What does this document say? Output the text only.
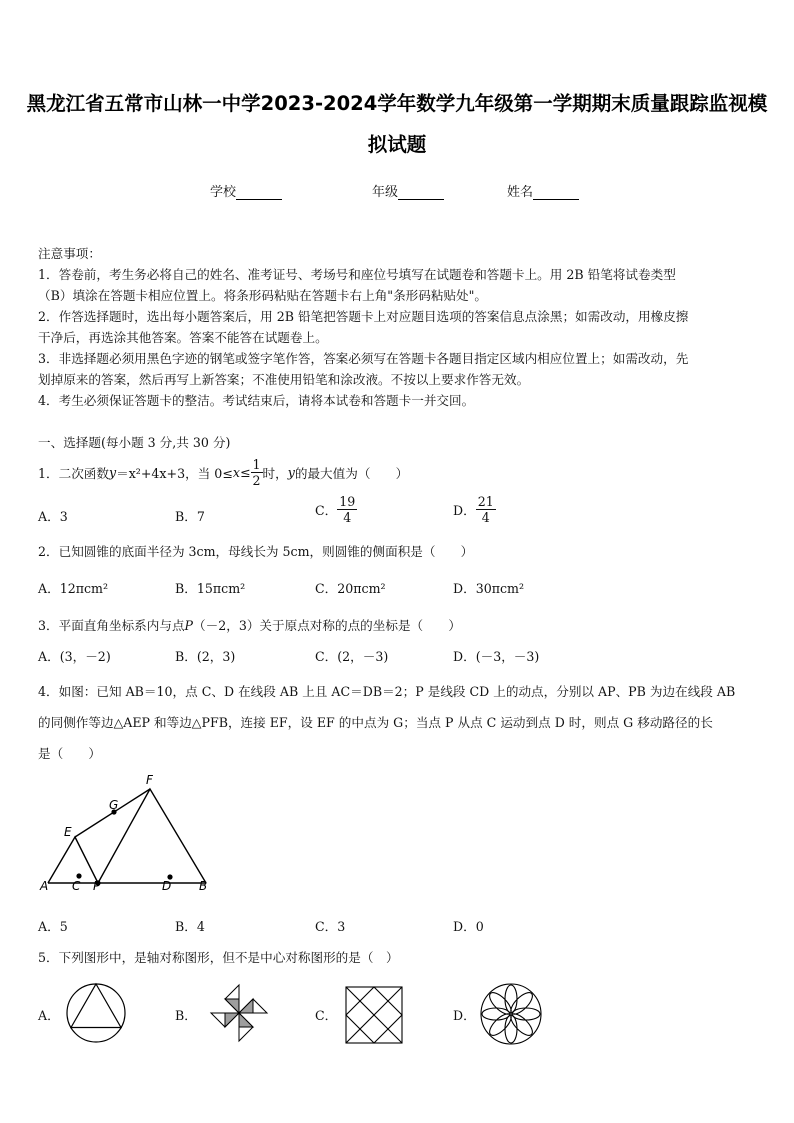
黑龙江省五常市山林一中学2023-2024学年数学九年级第一学期期末质量跟踪监视模
拟试题
学校	年级	姓名
注意事项：
1．答卷前，考生务必将自己的姓名、准考证号、考场号和座位号填写在试题卷和答题卡上。用 2B 铅笔将试卷类型
（B）填涂在答题卡相应位置上。将条形码粘贴在答题卡右上角"条形码粘贴处"。
2．作答选择题时，选出每小题答案后，用 2B 铅笔把答题卡上对应题目选项的答案信息点涂黑；如需改动，用橡皮擦
干净后，再选涂其他答案。答案不能答在试题卷上。
3．非选择题必须用黑色字迹的钢笔或签字笔作答，答案必须写在答题卡各题目指定区域内相应位置上；如需改动，先
划掉原来的答案，然后再写上新答案；不准使用铅笔和涂改液。不按以上要求作答无效。
4．考生必须保证答题卡的整洁。考试结束后，请将本试卷和答题卡一并交回。
一、选择题(每小题 3 分,共 30 分)
1．二次函数 y ＝x²+4x+3，当 $0\le x \le \frac{1}{2}$ 时， y 的最大值为（　　）
A．3	B．7	C． $\frac{19}{4}$	D． $\frac{21}{4}$
2．已知圆锥的底面半径为 3cm，母线长为 5cm，则圆锥的侧面积是（　　）
A．12πcm²	B．15πcm²	C．20πcm²	D．30πcm²
3．平面直角坐标系内与点P（－2，3）关于原点对称的点的坐标是（　　）
A．(3，－2)	B．(2，3)	C．(2，－3)	D．(－3，－3)
4．如图：已知 AB＝10，点 C、D 在线段 AB 上且 AC＝DB＝2；P 是线段 CD 上的动点，分别以 AP、PB 为边在线段 AB
的同侧作等边△AEP 和等边△PFB，连接 EF，设 EF 的中点为 G；当点 P 从点 C 运动到点 D 时，则点 G 移动路径的长
是（　　）
A C P	D B
E
G
F
A．5	B．4	C．3	D．0
5．下列图形中，是轴对称图形，但不是中心对称图形的是（　）
A．	B．	C．	D．
